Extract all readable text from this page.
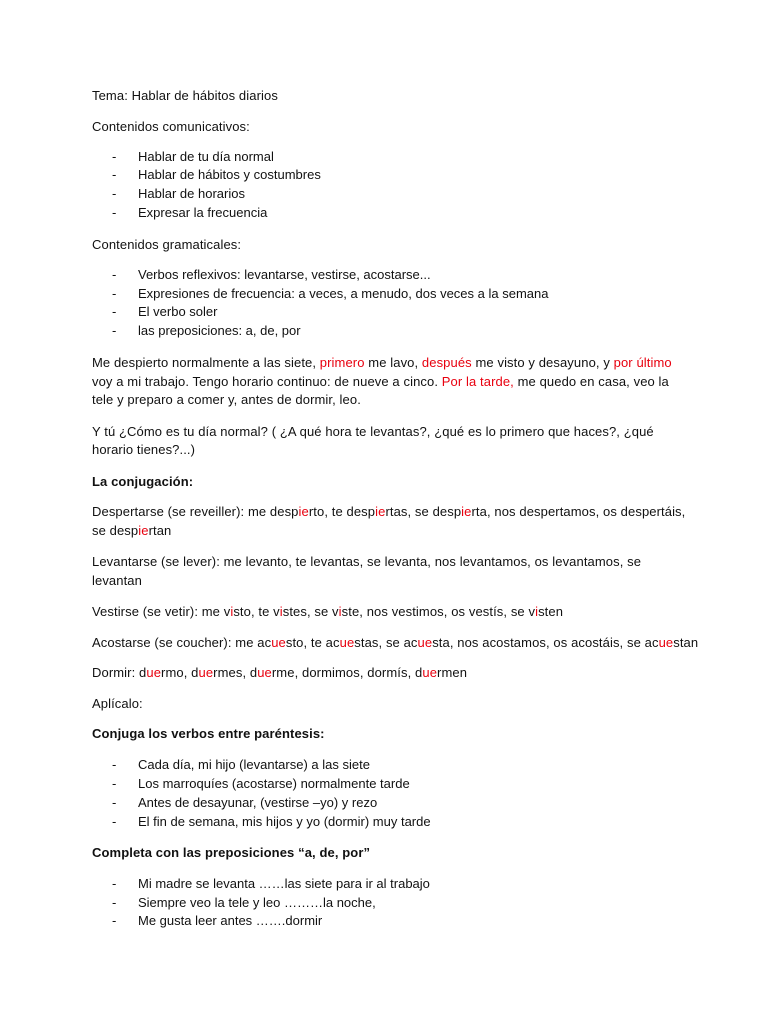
Tema: Hablar de hábitos diarios
Contenidos comunicativos:
- Hablar de tu día normal
- Hablar de hábitos y costumbres
- Hablar de horarios
- Expresar la frecuencia
Contenidos gramaticales:
- Verbos reflexivos: levantarse, vestirse, acostarse...
- Expresiones de frecuencia: a veces, a menudo, dos veces a la semana
- El verbo soler
- las preposiciones: a, de, por
Me despierto normalmente a las siete, primero me lavo, después me visto y desayuno, y por último
voy a mi trabajo. Tengo horario continuo: de nueve a cinco. Por la tarde, me quedo en casa, veo la
tele y preparo a comer y, antes de dormir, leo.
Y tú ¿Cómo es tu día normal? ( ¿A qué hora te levantas?, ¿qué es lo primero que haces?, ¿qué
horario tienes?...)
La conjugación:
Despertarse (se reveiller): me despierto, te despiertas, se despierta, nos despertamos, os despertáis,
se despiertan
Levantarse (se lever): me levanto, te levantas, se levanta, nos levantamos, os levantamos, se
levantan
Vestirse (se vetir): me visto, te vistes, se viste, nos vestimos, os vestís, se visten
Acostarse (se coucher): me acuesto, te acuestas, se acuesta, nos acostamos, os acostáis, se acuestan
Dormir: duermo, duermes, duerme, dormimos, dormís, duermen
Aplícalo:
Conjuga los verbos entre paréntesis:
- Cada día, mi hijo (levantarse) a las siete
- Los marroquíes (acostarse) normalmente tarde
- Antes de desayunar, (vestirse –yo) y rezo
- El fin de semana, mis hijos y yo (dormir) muy tarde
Completa con las preposiciones “a, de, por”
- Mi madre se levanta ……las siete para ir al trabajo
- Siempre veo la tele y leo ………la noche,
- Me gusta leer antes …….dormir
